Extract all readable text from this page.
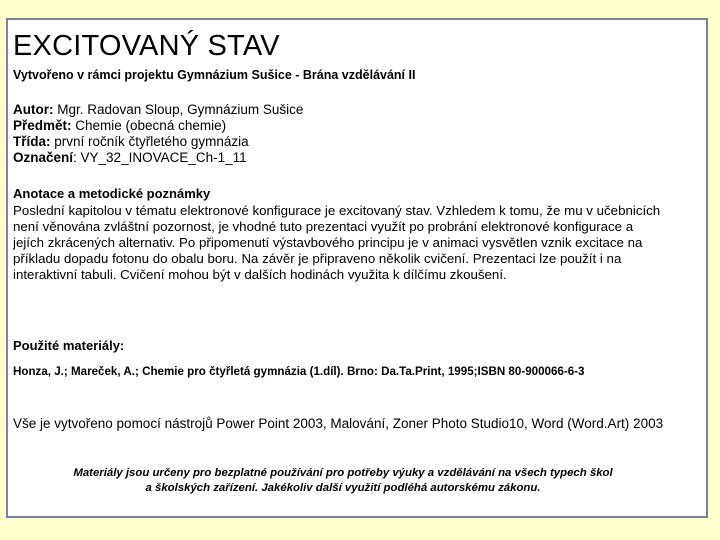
EXCITOVANÝ STAV
Vytvořeno v rámci projektu Gymnázium Sušice - Brána vzdělávání II
Autor: Mgr. Radovan Sloup, Gymnázium Sušice
Předmět: Chemie (obecná chemie)
Třída: první ročník čtyřletého gymnázia
Označení: VY_32_INOVACE_Ch-1_11
Anotace a metodické poznámky
Poslední kapitolou v tématu elektronové konfigurace je excitovaný stav. Vzhledem k tomu, že mu v učebnicích není věnována zvláštní pozornost, je vhodné tuto prezentaci využít po probrání elektronové konfigurace a jejích zkrácených alternativ. Po připomenutí výstavbového principu je v animaci vysvětlen vznik excitace na příkladu dopadu fotonu do obalu boru. Na závěr je připraveno několik cvičení. Prezentaci lze použít i na interaktivní tabuli. Cvičení mohou být v dalších hodinách využita k dílčímu zkoušení.
Použité materiály:
Honza, J.; Mareček, A.; Chemie pro čtyřletá gymnázia (1.díl). Brno: Da.Ta.Print, 1995;ISBN 80-900066-6-3
Vše je vytvořeno pomocí nástrojů Power Point 2003, Malování, Zoner Photo Studio10, Word (Word.Art) 2003
Materiály jsou určeny pro bezplatné používání pro potřeby výuky a vzdělávání na všech typech škol
a školských zařízení. Jakékoliv další využití podléhá autorskému zákonu.
